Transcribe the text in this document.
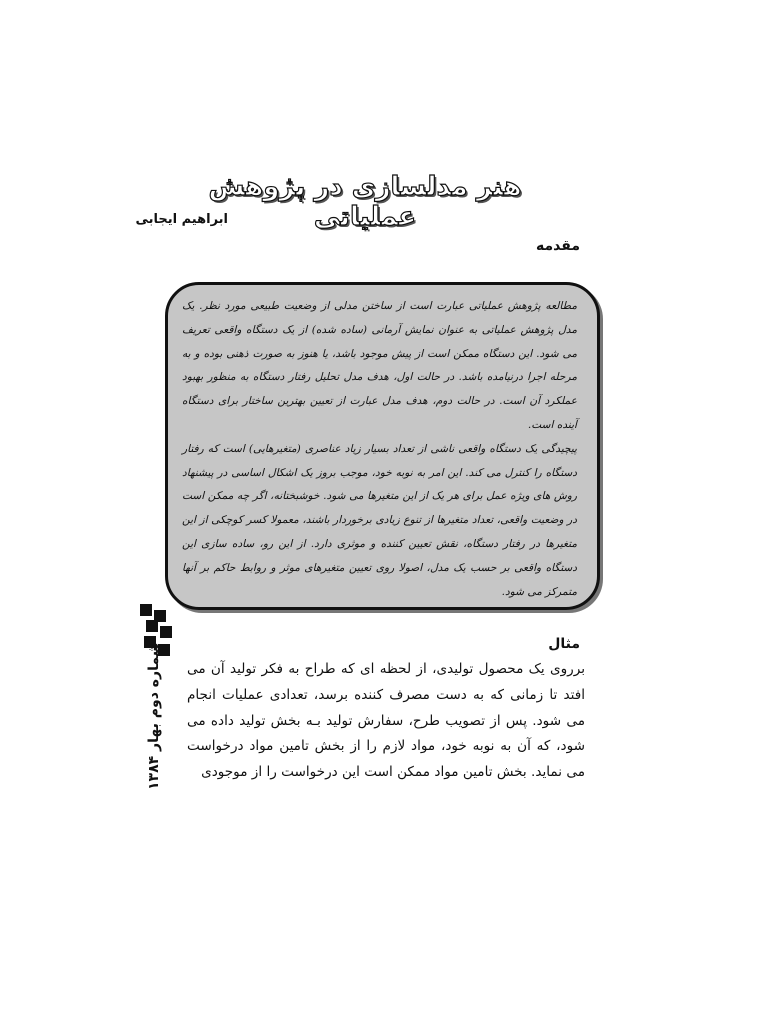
هنر مدلسازی در پژوهش عملیاتی
ابراهیم ایجابی
مقدمه

مطالعه پژوهش عملیاتی عبارت است از ساختن مدلی از وضعیت طبیعی مورد نظر. یک مدل پژوهش عملیاتی به عنوان نمایش آرمانی (ساده شده) از یک دستگاه واقعی تعریف می شود. این دستگاه ممکن است از پیش موجود باشد، یا هنوز به صورت ذهنی بوده و به مرحله اجرا درنیامده باشد. در حالت اول، هدف مدل تحلیل رفتار دستگاه به منظور بهبود عملکرد آن است. در حالت دوم، هدف مدل عبارت از تعیین بهترین ساختار برای دستگاه آینده است.

پیچیدگی یک دستگاه واقعی ناشی از تعداد بسیار زیاد عناصری (متغیرهایی) است که رفتار دستگاه را کنترل می کند. این امر به نوبه خود، موجب بروز یک اشکال اساسی در پیشنهاد روش های ویژه عمل برای هر یک از این متغیرها می شود. خوشبختانه، اگر چه ممکن است در وضعیت واقعی، تعداد متغیرها از تنوع زیادی برخوردار باشند، معمولا کسر کوچکی از این متغیرها در رفتار دستگاه، نقش تعیین کننده و موثری دارد. از این رو، ساده سازی این دستگاه واقعی بر حسب یک مدل، اصولا روی تعیین متغیرهای موثر و روابط حاکم بر آنها متمرکز می شود.

شماره دوم بهار ۱۳۸۴	مثال

برروی یک محصول تولیدی، از لحظه ای که طراح به فکر تولید آن می افتد تا زمانی که به دست مصرف کننده برسد، تعدادی عملیات انجام می شود. پس از تصویب طرح، سفارش تولید بـه بخش تولید داده می شود، که آن به نوبه خود، مواد لازم را از بخش تامین مواد درخواست می نماید. بخش تامین مواد ممکن است این درخواست را از موجودی
